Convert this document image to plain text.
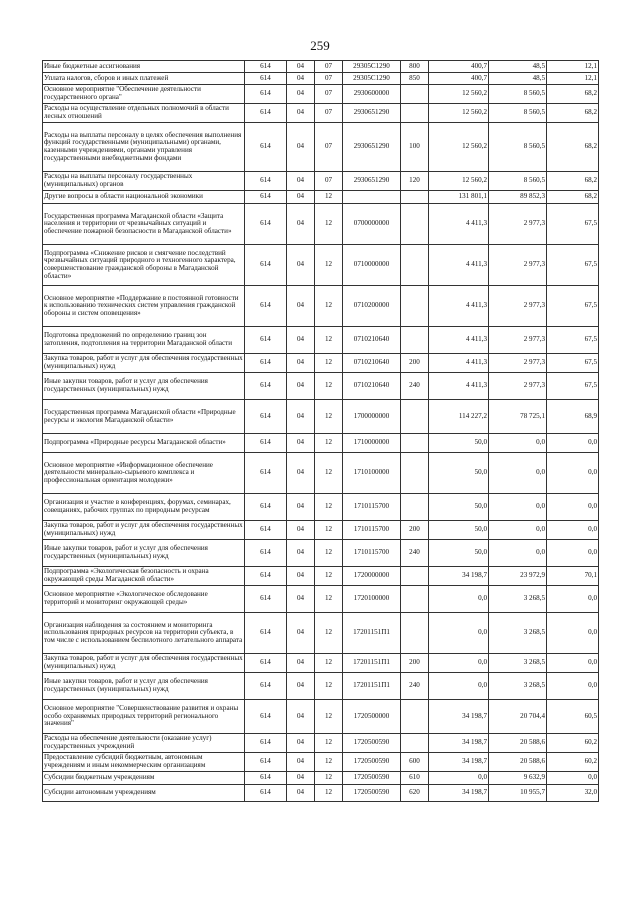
259
Иные бюджетные ассигнования	614	04	07	29305С1290	800	400,7	48,5	12,1
Уплата налогов, сборов и иных платежей	614	04	07	29305С1290	850	400,7	48,5	12,1
Основное мероприятие "Обеспечение деятельности государственного органа"	614	04	07	2930600000		12 560,2	8 560,5	68,2
Расходы на осуществление отдельных полномочий в области лесных отношений	614	04	07	2930651290		12 560,2	8 560,5	68,2
Расходы на выплаты персоналу в целях обеспечения выполнения функций государственными (муниципальными) органами, казенными учреждениями, органами управления государственными внебюджетными фондами	614	04	07	2930651290	100	12 560,2	8 560,5	68,2
Расходы на выплаты персоналу государственных (муниципальных) органов	614	04	07	2930651290	120	12 560,2	8 560,5	68,2
Другие вопросы в области национальной экономики	614	04	12			131 801,1	89 852,3	68,2
Государственная программа Магаданской области «Защита населения и территории от чрезвычайных ситуаций и обеспечение пожарной безопасности в Магаданской области»	614	04	12	0700000000		4 411,3	2 977,3	67,5
Подпрограмма «Снижение рисков и смягчение последствий чрезвычайных ситуаций природного и техногенного характера, совершенствование гражданской обороны в Магаданской области»	614	04	12	0710000000		4 411,3	2 977,3	67,5
Основное мероприятие «Поддержание в постоянной готовности к использованию технических систем управления гражданской обороны и систем оповещения»	614	04	12	0710200000		4 411,3	2 977,3	67,5
Подготовка предложений по определению границ зон затопления, подтопления на территории Магаданской области	614	04	12	0710210640		4 411,3	2 977,3	67,5
Закупка товаров, работ и услуг для обеспечения государственных (муниципальных) нужд	614	04	12	0710210640	200	4 411,3	2 977,3	67,5
Иные закупки товаров, работ и услуг для обеспечения государственных (муниципальных) нужд	614	04	12	0710210640	240	4 411,3	2 977,3	67,5
Государственная программа Магаданской области «Природные ресурсы и экология Магаданской области»	614	04	12	1700000000		114 227,2	78 725,1	68,9
Подпрограмма «Природные ресурсы Магаданской области»	614	04	12	1710000000		50,0	0,0	0,0
Основное мероприятие «Информационное обеспечение деятельности минерально-сырьевого комплекса и профессиональная ориентация молодежи»	614	04	12	1710100000		50,0	0,0	0,0
Организация и участие в конференциях, форумах, семинарах, совещаниях, рабочих группах по природным ресурсам	614	04	12	1710115700		50,0	0,0	0,0
Закупка товаров, работ и услуг для обеспечения государственных (муниципальных) нужд	614	04	12	1710115700	200	50,0	0,0	0,0
Иные закупки товаров, работ и услуг для обеспечения государственных (муниципальных) нужд	614	04	12	1710115700	240	50,0	0,0	0,0
Подпрограмма «Экологическая безопасность и охрана окружающей среды Магаданской области»	614	04	12	1720000000		34 198,7	23 972,9	70,1
Основное мероприятие «Экологическое обследование территорий и мониторинг окружающей среды»	614	04	12	1720100000		0,0	3 268,5	0,0
Организация наблюдения за состоянием и мониторинга использования природных ресурсов на территории субъекта, в том числе с использованием беспилотного летательного аппарата	614	04	12	17201151П1		0,0	3 268,5	0,0
Закупка товаров, работ и услуг для обеспечения государственных (муниципальных) нужд	614	04	12	17201151П1	200	0,0	3 268,5	0,0
Иные закупки товаров, работ и услуг для обеспечения государственных (муниципальных) нужд	614	04	12	17201151П1	240	0,0	3 268,5	0,0
Основное мероприятие "Совершенствование развития и охраны особо охраняемых природных территорий регионального значения"	614	04	12	1720500000		34 198,7	20 704,4	60,5
Расходы на обеспечение деятельности (оказание услуг) государственных учреждений	614	04	12	1720500590		34 198,7	20 588,6	60,2
Предоставление субсидий бюджетным, автономным учреждениям и иным некоммерческим организациям	614	04	12	1720500590	600	34 198,7	20 588,6	60,2
Субсидии бюджетным учреждениям	614	04	12	1720500590	610	0,0	9 632,9	0,0
Субсидии автономным учреждениям	614	04	12	1720500590	620	34 198,7	10 955,7	32,0
